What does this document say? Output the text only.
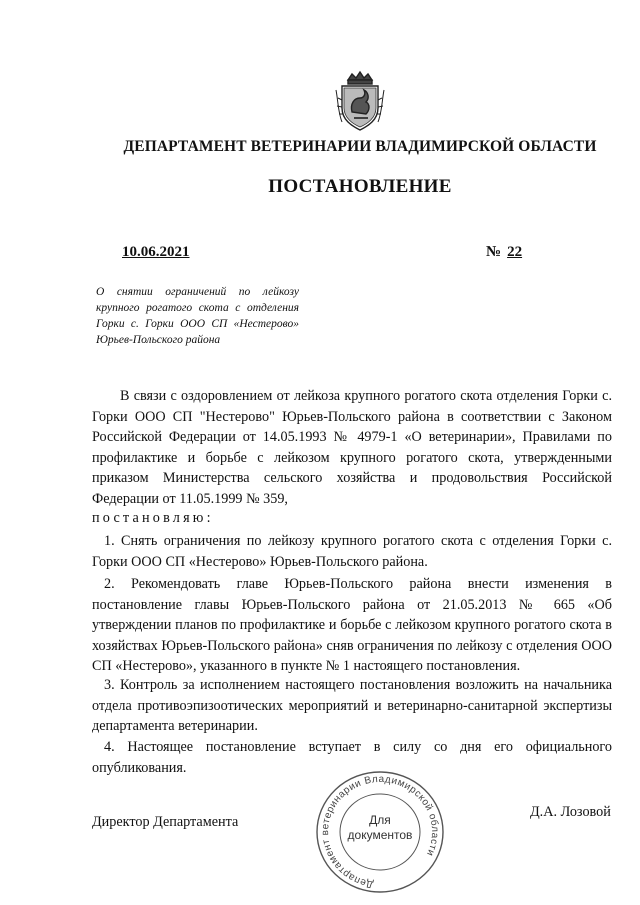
ДЕПАРТАМЕНТ ВЕТЕРИНАРИИ ВЛАДИМИРСКОЙ ОБЛАСТИ
ПОСТАНОВЛЕНИЕ
10.06.2021	№ 22
О снятии ограничений по лейкозу крупного рогатого скота с отделения Горки с. Горки ООО СП «Нестерово» Юрьев-Польского района
В связи с оздоровлением от лейкоза крупного рогатого скота отделения Горки с. Горки ООО СП "Нестерово" Юрьев-Польского района в соответствии с Законом Российской Федерации от 14.05.1993 № 4979-1 «О ветеринарии», Правилами по профилактике и борьбе с лейкозом крупного рогатого скота, утвержденными приказом Министерства сельского хозяйства и продовольствия Российской Федерации от 11.05.1999 № 359,
постановляю:
1. Снять ограничения по лейкозу крупного рогатого скота с отделения Горки с. Горки ООО СП «Нестерово» Юрьев-Польского района.
2. Рекомендовать главе Юрьев-Польского района внести изменения в постановление главы Юрьев-Польского района от 21.05.2013 № 665 «Об утверждении планов по профилактике и борьбе с лейкозом крупного рогатого скота в хозяйствах Юрьев-Польского района» сняв ограничения по лейкозу с отделения ООО СП «Нестерово», указанного в пункте № 1 настоящего постановления.
3. Контроль за исполнением настоящего постановления возложить на начальника отдела противоэпизоотических мероприятий и ветеринарно-санитарной экспертизы департамента ветеринарии.
4. Настоящее постановление вступает в силу со дня его официального опубликования.
Департамент ветеринарии Владимирской области
Для
документов
Директор Департамента
Д.А. Лозовой
